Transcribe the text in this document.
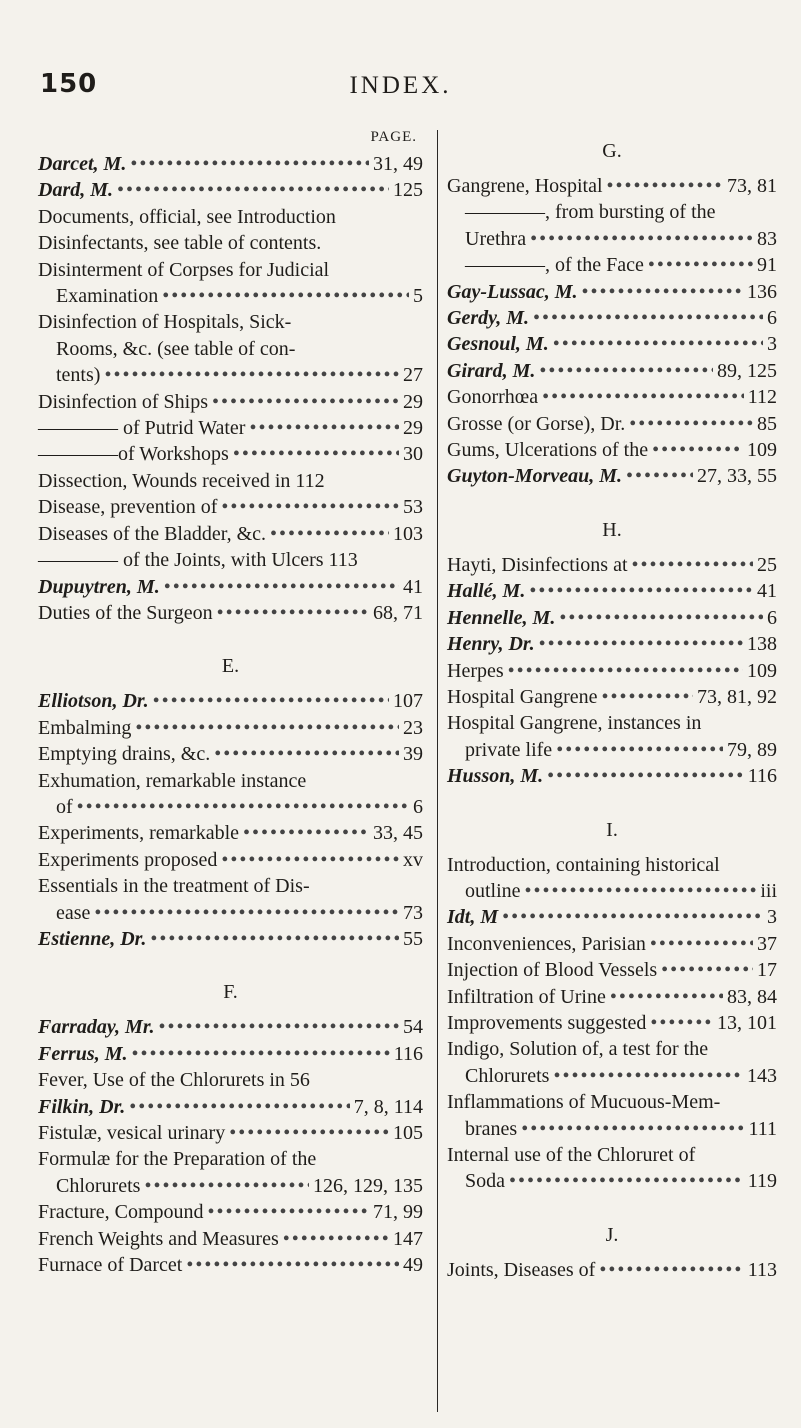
150	INDEX.
PAGE.
Darcet, M. •••••	31, 49
Dard, M. •••••	125
Documents, official, see Introduction
Disinfectants, see table of contents.
Disinterment of Corpses for Judicial
Examination •••••	5
Disinfection of Hospitals, Sick-
Rooms, &c. (see table of con-
tents) •••••	27
Disinfection of Ships •••••	29
———— of Putrid Water •••••	29
————of Workshops •••••	30
Dissection, Wounds received in 112
Disease, prevention of •••••	53
Diseases of the Bladder, &c. •••••	103
———— of the Joints, with Ulcers 113
Dupuytren, M. •••••	41
Duties of the Surgeon •••••	68, 71
E.
Elliotson, Dr. •••••	107
Embalming •••••	23
Emptying drains, &c. •••••	39
Exhumation, remarkable instance
of •••••	6
Experiments, remarkable •••••	33, 45
Experiments proposed •••••	xv
Essentials in the treatment of Dis-
ease •••••	73
Estienne, Dr. •••••	55
F.
Farraday, Mr. •••••	54
Ferrus, M. •••••	116
Fever, Use of the Chlorurets in 56
Filkin, Dr. •••••	7, 8, 114
Fistulæ, vesical urinary •••••	105
Formulæ for the Preparation of the
Chlorurets •••••	126, 129, 135
Fracture, Compound •••••	71, 99
French Weights and Measures •••••	147
Furnace of Darcet •••••	49
G.
Gangrene, Hospital •••••	73, 81
————, from bursting of the
Urethra •••••	83
————, of the Face •••••	91
Gay-Lussac, M. •••••	136
Gerdy, M. •••••	6
Gesnoul, M. •••••	3
Girard, M. •••••	89, 125
Gonorrhœa •••••	112
Grosse (or Gorse), Dr. •••••	85
Gums, Ulcerations of the •••••	109
Guyton-Morveau, M. •••••	27, 33, 55
H.
Hayti, Disinfections at •••••	25
Hallé, M. •••••	41
Hennelle, M. •••••	6
Henry, Dr. •••••	138
Herpes •••••	109
Hospital Gangrene •••••	73, 81, 92
Hospital Gangrene, instances in
private life •••••	79, 89
Husson, M. •••••	116
I.
Introduction, containing historical
outline •••••	iii
Idt, M •••••	3
Inconveniences, Parisian •••••	37
Injection of Blood Vessels •••••	17
Infiltration of Urine •••••	83, 84
Improvements suggested •••••	13, 101
Indigo, Solution of, a test for the
Chlorurets •••••	143
Inflammations of Mucuous-Mem-
branes •••••	111
Internal use of the Chloruret of
Soda •••••	119
J.
Joints, Diseases of •••••	113
